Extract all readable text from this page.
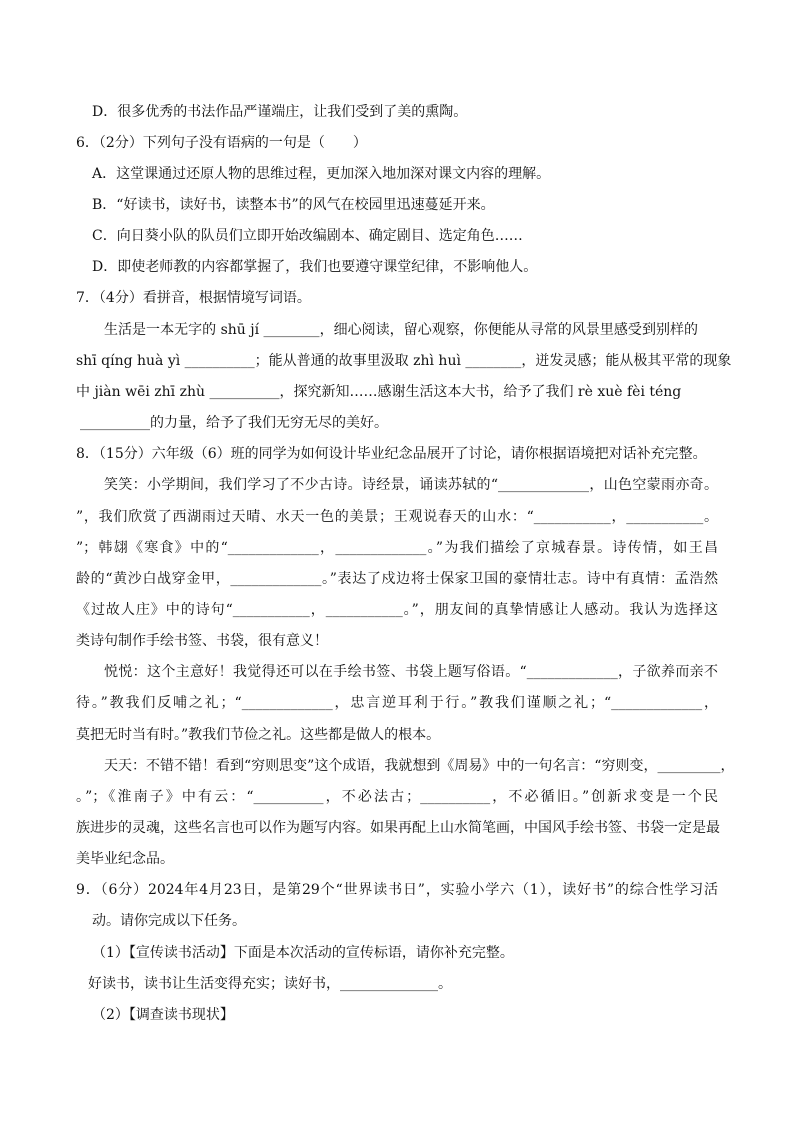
D．很多优秀的书法作品严谨端庄，让我们受到了美的熏陶。
6．（2分）下列句子没有语病的一句是（　　）
A．这堂课通过还原人物的思维过程，更加深入地加深对课文内容的理解。
B．“好读书，读好书，读整本书”的风气在校园里迅速蔓延开来。
C．向日葵小队的队员们立即开始改编剧本、确定剧目、选定角色……
D．即使老师教的内容都掌握了，我们也要遵守课堂纪律，不影响他人。
7．（4分）看拼音，根据情境写词语。
生活是一本无字的 shū jí ________，细心阅读，留心观察，你便能从寻常的风景里感受到别样的
shī qíng huà yì __________；能从普通的故事里汲取 zhì huì ________，迸发灵感；能从极其平常的现象
中 jiàn wēi zhī zhù __________，探究新知……感谢生活这本大书，给予了我们 rè xuè fèi téng
__________的力量，给予了我们无穷无尽的美好。
8．（15分）六年级（6）班的同学为如何设计毕业纪念品展开了讨论，请你根据语境把对话补充完整。
笑笑：小学期间，我们学习了不少古诗。诗经景，诵读苏轼的“_____________，山色空蒙雨亦奇。
”，我们欣赏了西湖雨过天晴、水天一色的美景；王观说春天的山水：“___________，___________。
”；韩翃《寒食》中的“_____________，_____________。”为我们描绘了京城春景。诗传情，如王昌
龄的“黄沙白战穿金甲，_____________。”表达了戍边将士保家卫国的豪情壮志。诗中有真情：孟浩然
《过故人庄》中的诗句“___________，___________。”，朋友间的真挚情感让人感动。我认为选择这
类诗句制作手绘书签、书袋，很有意义！
悦悦：这个主意好！我觉得还可以在手绘书签、书袋上题写俗语。“_____________，子欲养而亲不
待。”教我们反哺之礼；“_____________，忠言逆耳利于行。”教我们谨顺之礼；“_____________，
莫把无时当有时。”教我们节俭之礼。这些都是做人的根本。
天天：不错不错！看到“穷则思变”这个成语，我就想到《周易》中的一句名言：“穷则变，_________，
。”；《淮南子》中有云：“__________，不必法古；__________，不必循旧。”创新求变是一个民
族进步的灵魂，这些名言也可以作为题写内容。如果再配上山水简笔画，中国风手绘书签、书袋一定是最
美毕业纪念品。
9．（6分）2024年4月23日，是第29个“世界读书日”，实验小学六（1），读好书”的综合性学习活
动。请你完成以下任务。
（1）【宣传读书活动】下面是本次活动的宣传标语，请你补充完整。
好读书，读书让生活变得充实；读好书，______________。
（2）【调查读书现状】
